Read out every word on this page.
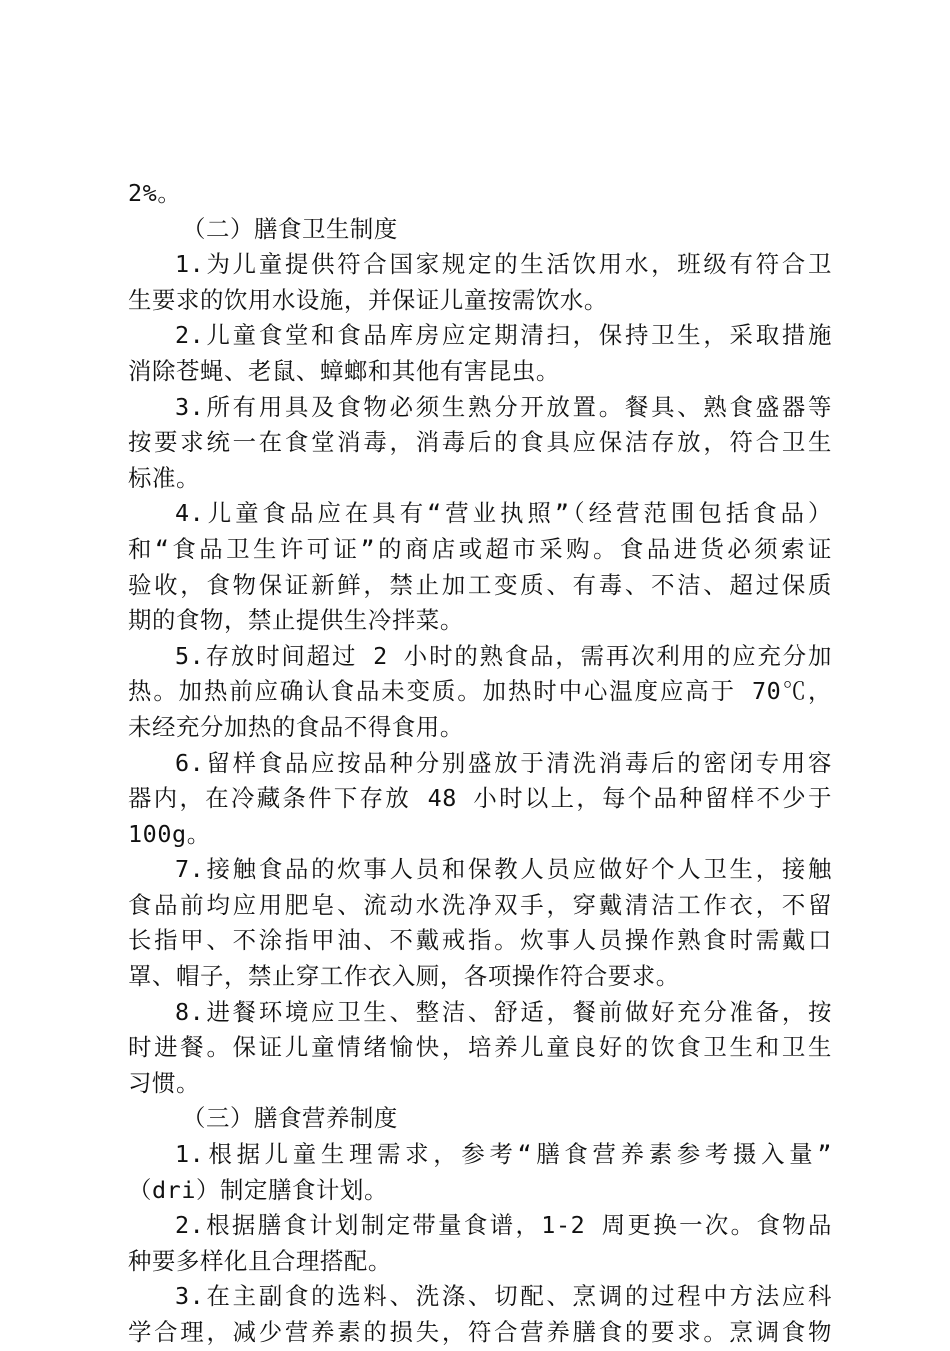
2%。
（二）膳食卫生制度
1.为儿童提供符合国家规定的生活饮用水，班级有符合卫
生要求的饮用水设施，并保证儿童按需饮水。
2.儿童食堂和食品库房应定期清扫，保持卫生，采取措施
消除苍蝇、老鼠、蟑螂和其他有害昆虫。
3.所有用具及食物必须生熟分开放置。餐具、熟食盛器等
按要求统一在食堂消毒，消毒后的食具应保洁存放，符合卫生
标准。
4.儿童食品应在具有“营业执照”（经营范围包括食品）
和“食品卫生许可证”的商店或超市采购。食品进货必须索证
验收，食物保证新鲜，禁止加工变质、有毒、不洁、超过保质
期的食物，禁止提供生冷拌菜。
5.存放时间超过 2 小时的熟食品，需再次利用的应充分加
热。加热前应确认食品未变质。加热时中心温度应高于 70℃，
未经充分加热的食品不得食用。
6.留样食品应按品种分别盛放于清洗消毒后的密闭专用容
器内，在冷藏条件下存放 48 小时以上，每个品种留样不少于
100g。
7.接触食品的炊事人员和保教人员应做好个人卫生，接触
食品前均应用肥皂、流动水洗净双手，穿戴清洁工作衣，不留
长指甲、不涂指甲油、不戴戒指。炊事人员操作熟食时需戴口
罩、帽子，禁止穿工作衣入厕，各项操作符合要求。
8.进餐环境应卫生、整洁、舒适，餐前做好充分准备，按
时进餐。保证儿童情绪愉快，培养儿童良好的饮食卫生和卫生
习惯。
（三）膳食营养制度
1.根据儿童生理需求，参考“膳食营养素参考摄入量”
（dri）制定膳食计划。
2.根据膳食计划制定带量食谱，1-2 周更换一次。食物品
种要多样化且合理搭配。
3.在主副食的选料、洗涤、切配、烹调的过程中方法应科
学合理，减少营养素的损失，符合营养膳食的要求。烹调食物
